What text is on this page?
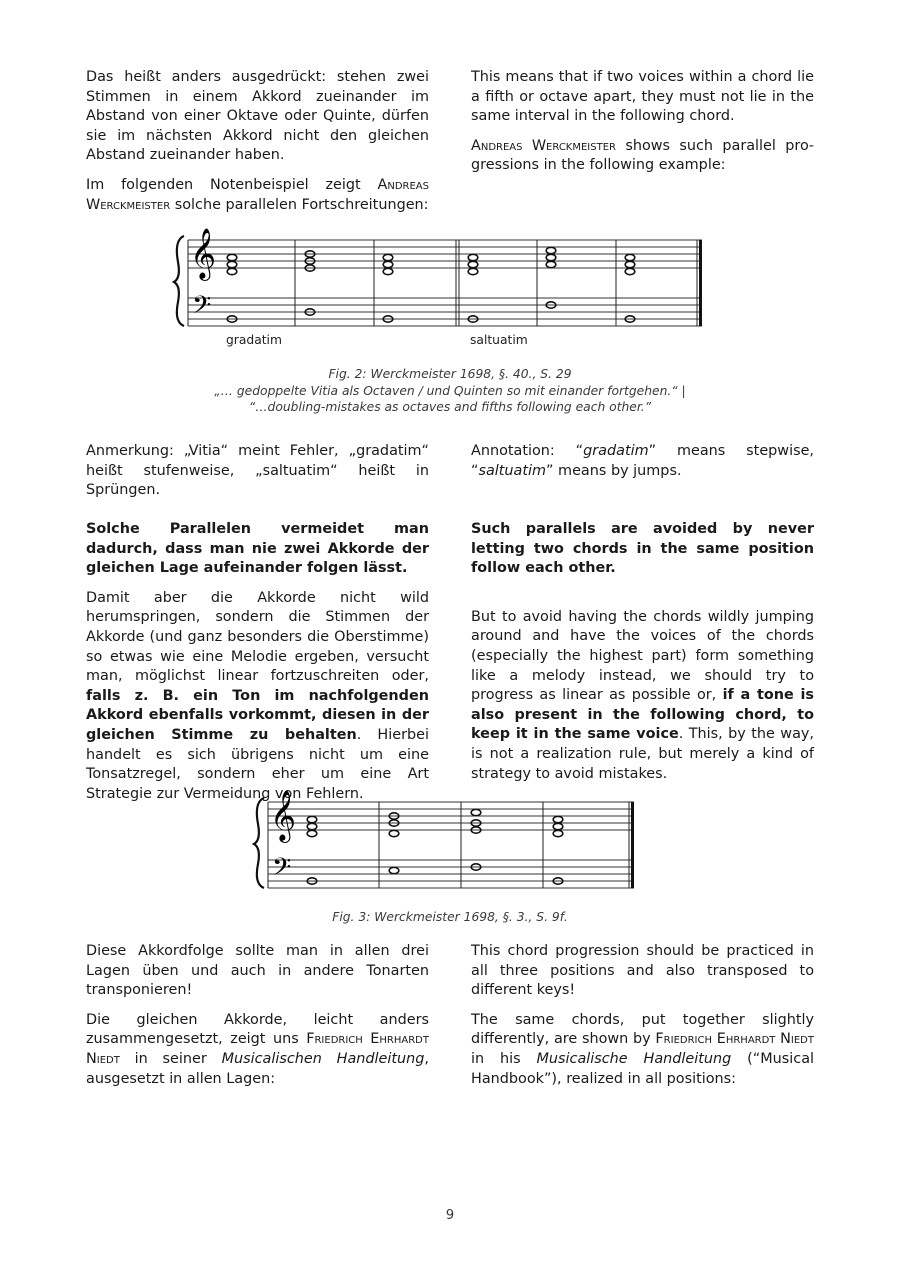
Das heißt anders ausgedrückt: stehen zwei Stimmen in einem Akkord zueinander im Abstand von einer Oktave oder Quinte, dürfen sie im nächsten Akkord nicht den gleichen Abstand zueinander haben.

Im folgenden Notenbeispiel zeigt Andreas Werckmeister solche parallelen Fortschreitungen:

This means that if two voices within a chord lie a fifth or octave apart, they must not lie in the same interval in the following chord.

Andreas Werckmeister shows such parallel progressions in the following example:

𝄞
𝄢
gradatim	saltuatim
Fig. 2: Werckmeister 1698, §. 40., S. 29
„… gedoppelte Vitia als Octaven / und Quinten so mit einander fortgehen.“ |
“…doubling-mistakes as octaves and fifths following each other.”

Anmerkung: „Vitia“ meint Fehler, „gradatim“ heißt stufenweise, „saltuatim“ heißt in Sprüngen.

Annotation: “gradatim” means stepwise, “saltuatim” means by jumps.

Solche Parallelen vermeidet man dadurch, dass man nie zwei Akkorde der gleichen Lage aufeinander folgen lässt.

Damit aber die Akkorde nicht wild herumspringen, sondern die Stimmen der Akkorde (und ganz besonders die Oberstimme) so etwas wie eine Melodie ergeben, versucht man, möglichst linear fortzuschreiten oder, falls z. B. ein Ton im nachfolgenden Akkord ebenfalls vorkommt, diesen in der gleichen Stimme zu behalten. Hierbei handelt es sich übrigens nicht um eine Tonsatzregel, sondern eher um eine Art Strategie zur Vermeidung von Fehlern.

Such parallels are avoided by never letting two chords in the same position follow each other.

But to avoid having the chords wildly jumping around and have the voices of the chords (especially the highest part) form something like a melody instead, we should try to progress as linear as possible or, if a tone is also present in the following chord, to keep it in the same voice. This, by the way, is not a realization rule, but merely a kind of strategy to avoid mistakes.

𝄞
𝄢
Fig. 3: Werckmeister 1698, §. 3., S. 9f.

Diese Akkordfolge sollte man in allen drei Lagen üben und auch in andere Tonarten transponieren!

Die gleichen Akkorde, leicht anders zusammengesetzt, zeigt uns Friedrich Ehrhardt Niedt in seiner Musicalischen Handleitung, ausgesetzt in allen Lagen:

This chord progression should be practiced in all three positions and also transposed to different keys!

The same chords, put together slightly differently, are shown by Friedrich Ehrhardt Niedt in his Musicalische Handleitung (“Musical Handbook”), realized in all positions:

9
